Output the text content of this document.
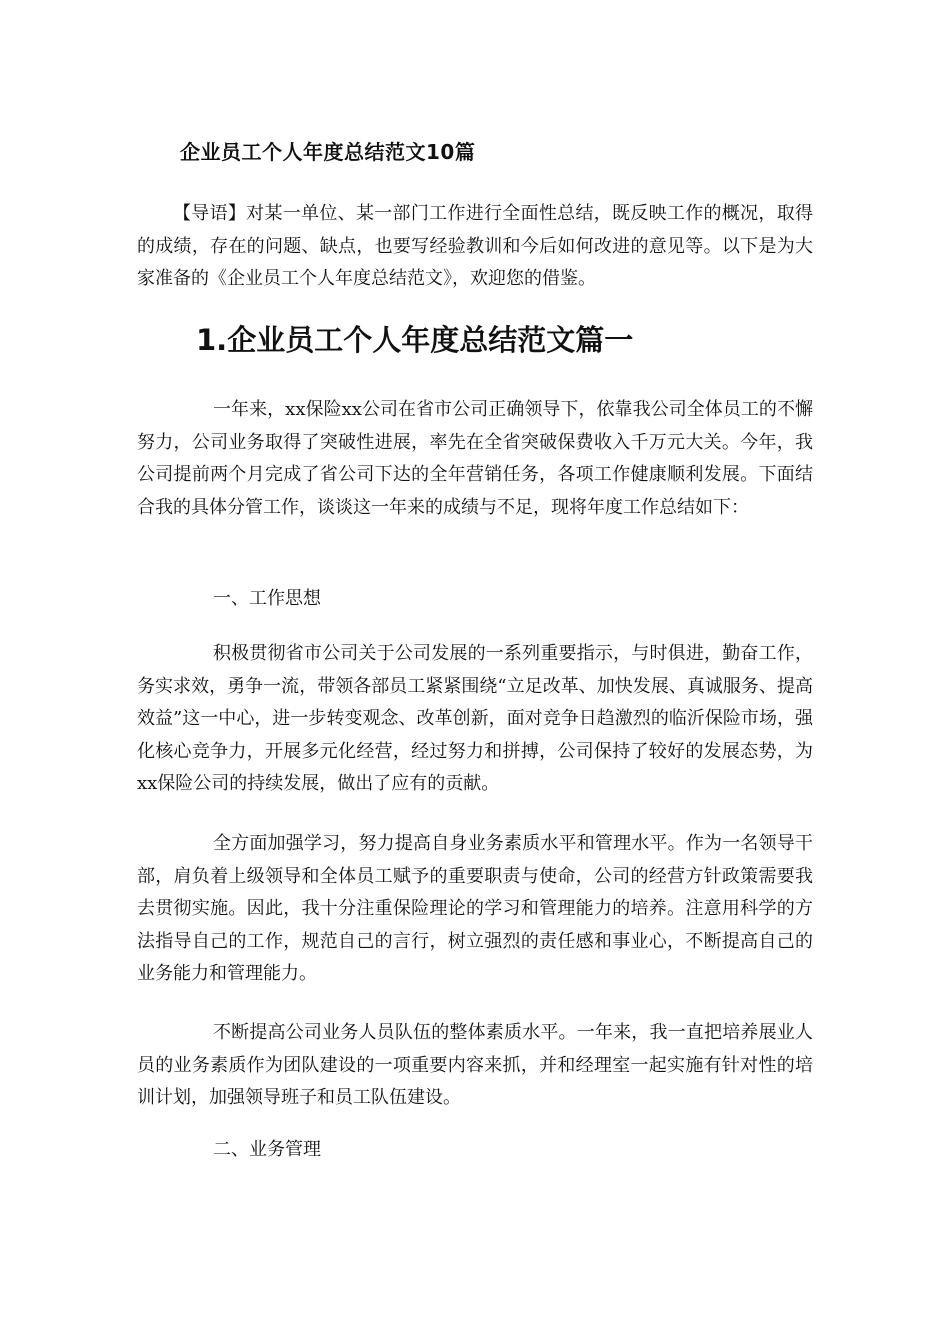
企业员工个人年度总结范文10篇

【导语】对某一单位、某一部门工作进行全面性总结，既反映工作的概况，取得的成绩，存在的问题、缺点，也要写经验教训和今后如何改进的意见等。以下是为大家准备的《企业员工个人年度总结范文》，欢迎您的借鉴。

1.企业员工个人年度总结范文篇一

一年来，xx保险xx公司在省市公司正确领导下，依靠我公司全体员工的不懈努力，公司业务取得了突破性进展，率先在全省突破保费收入千万元大关。今年，我公司提前两个月完成了省公司下达的全年营销任务，各项工作健康顺利发展。下面结合我的具体分管工作，谈谈这一年来的成绩与不足，现将年度工作总结如下：

一、工作思想

积极贯彻省市公司关于公司发展的一系列重要指示，与时俱进，勤奋工作，务实求效，勇争一流，带领各部员工紧紧围绕“立足改革、加快发展、真诚服务、提高效益”这一中心，进一步转变观念、改革创新，面对竞争日趋激烈的临沂保险市场，强化核心竞争力，开展多元化经营，经过努力和拼搏，公司保持了较好的发展态势，为xx保险公司的持续发展，做出了应有的贡献。

全方面加强学习，努力提高自身业务素质水平和管理水平。作为一名领导干部，肩负着上级领导和全体员工赋予的重要职责与使命，公司的经营方针政策需要我去贯彻实施。因此，我十分注重保险理论的学习和管理能力的培养。注意用科学的方法指导自己的工作，规范自己的言行，树立强烈的责任感和事业心，不断提高自己的业务能力和管理能力。

不断提高公司业务人员队伍的整体素质水平。一年来，我一直把培养展业人员的业务素质作为团队建设的一项重要内容来抓，并和经理室一起实施有针对性的培训计划，加强领导班子和员工队伍建设。

二、业务管理
